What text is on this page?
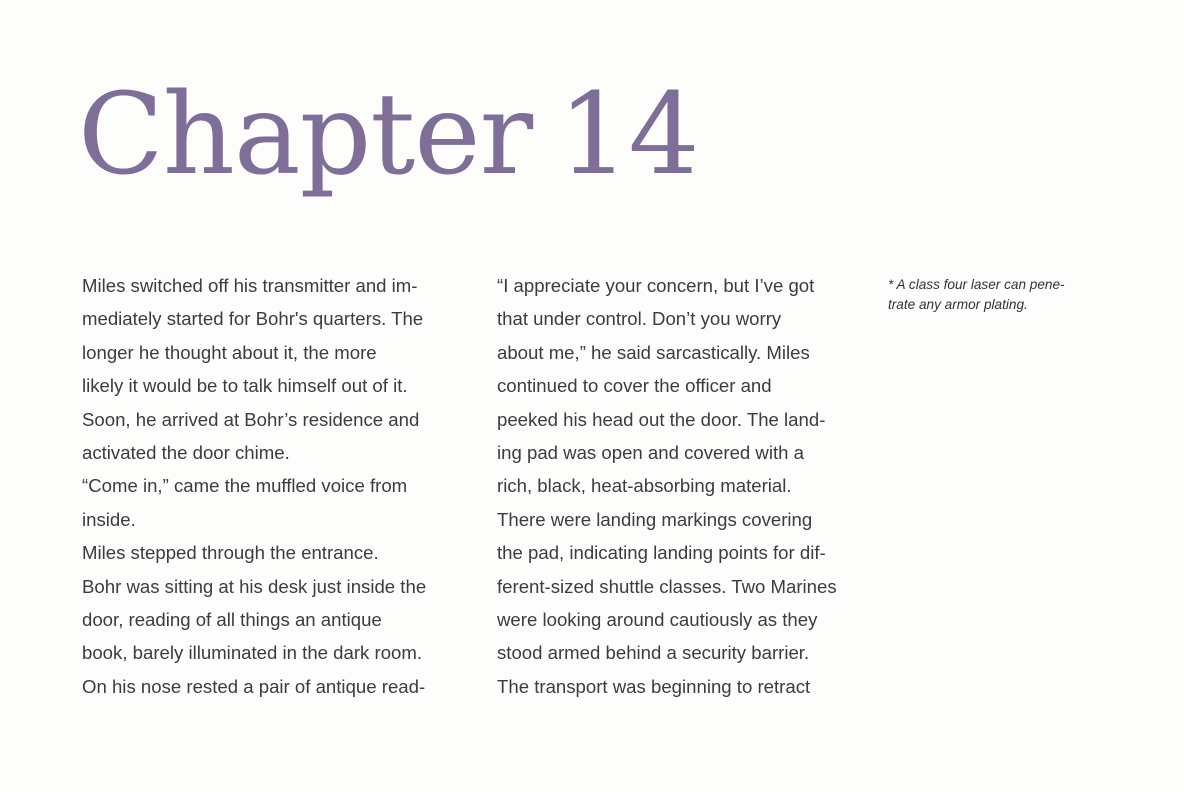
Chapter 14
Miles switched off his transmitter and im-
mediately started for Bohr's quarters. The
longer he thought about it, the more
likely it would be to talk himself out of it.
Soon, he arrived at Bohr’s residence and
activated the door chime.
“Come in,” came the muffled voice from
inside.
Miles stepped through the entrance.
Bohr was sitting at his desk just inside the
door, reading of all things an antique
book, barely illuminated in the dark room.
On his nose rested a pair of antique read-
“I appreciate your concern, but I’ve got
that under control. Don’t you worry
about me,” he said sarcastically. Miles
continued to cover the officer and
peeked his head out the door. The land-
ing pad was open and covered with a
rich, black, heat-absorbing material.
There were landing markings covering
the pad, indicating landing points for dif-
ferent-sized shuttle classes. Two Marines
were looking around cautiously as they
stood armed behind a security barrier.
The transport was beginning to retract
* A class four laser can pene-
trate any armor plating.
